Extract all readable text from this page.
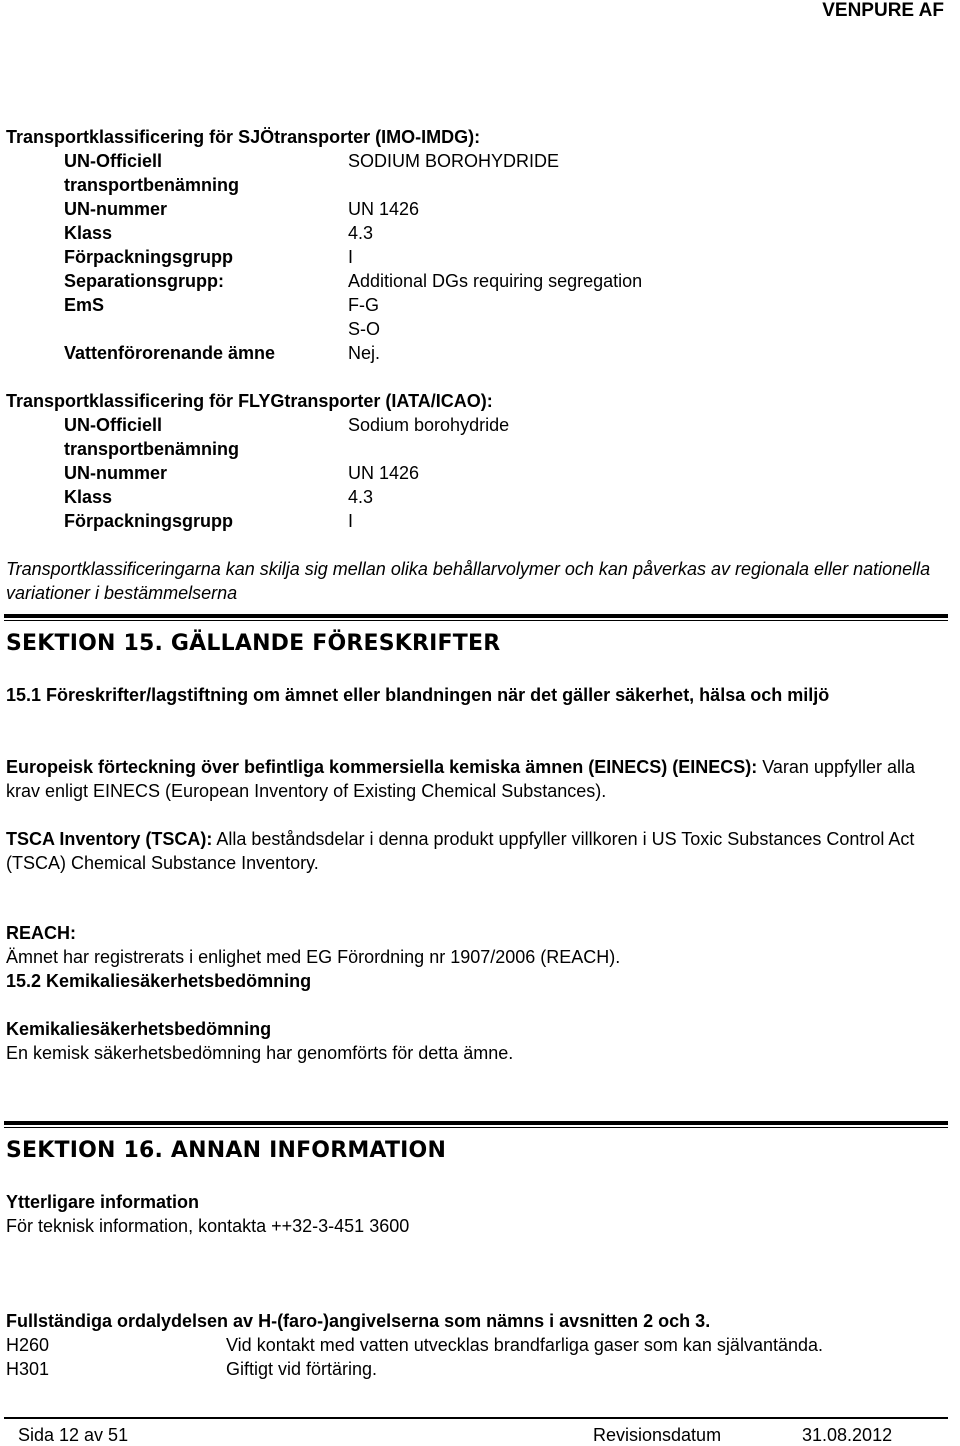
VENPURE AF
Transportklassificering för SJÖtransporter (IMO-IMDG):
UN-Officiell	SODIUM BOROHYDRIDE
transportbenämning
UN-nummer	UN 1426
Klass	4.3
Förpackningsgrupp	I
Separationsgrupp:	Additional DGs requiring segregation
EmS	F-G
S-O
Vattenförorenande ämne	Nej.
Transportklassificering för FLYGtransporter (IATA/ICAO):
UN-Officiell	Sodium borohydride
transportbenämning
UN-nummer	UN 1426
Klass	4.3
Förpackningsgrupp	I
Transportklassificeringarna kan skilja sig mellan olika behållarvolymer och kan påverkas av regionala eller nationella variationer i bestämmelserna
SEKTION 15. GÄLLANDE FÖRESKRIFTER
15.1 Föreskrifter/lagstiftning om ämnet eller blandningen när det gäller säkerhet, hälsa och miljö
Europeisk förteckning över befintliga kommersiella kemiska ämnen (EINECS) (EINECS): Varan uppfyller alla krav enligt EINECS (European Inventory of Existing Chemical Substances).
TSCA Inventory (TSCA): Alla beståndsdelar i denna produkt uppfyller villkoren i US Toxic Substances Control Act (TSCA) Chemical Substance Inventory.
REACH:
Ämnet har registrerats i enlighet med EG Förordning nr 1907/2006 (REACH).
15.2 Kemikaliesäkerhetsbedömning
Kemikaliesäkerhetsbedömning
En kemisk säkerhetsbedömning har genomförts för detta ämne.
SEKTION 16. ANNAN INFORMATION
Ytterligare information
För teknisk information, kontakta ++32-3-451 3600
Fullständiga ordalydelsen av H-(faro-)angivelserna som nämns i avsnitten 2 och 3.
H260	Vid kontakt med vatten utvecklas brandfarliga gaser som kan självantända.
H301	Giftigt vid förtäring.
Sida 12 av 51	Revisionsdatum	31.08.2012
